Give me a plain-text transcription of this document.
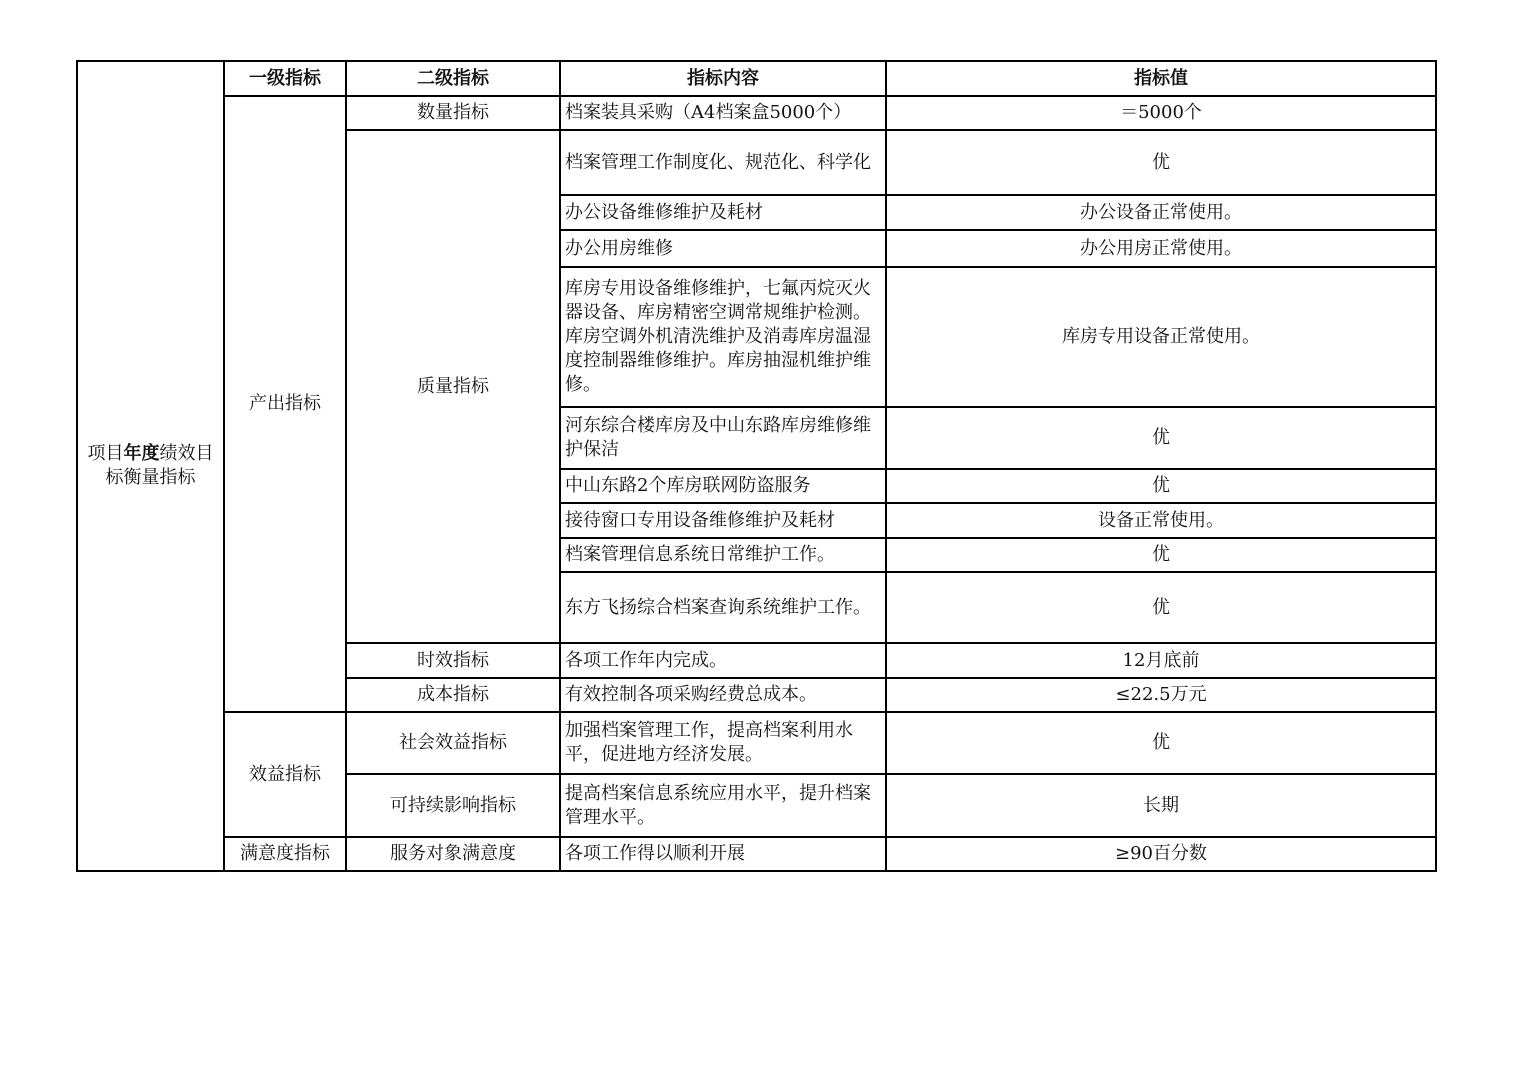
项目年度绩效目标衡量指标	一级指标	二级指标	指标内容	指标值
	产出指标	数量指标	档案装具采购（A4档案盒5000个）	＝5000个
		质量指标	档案管理工作制度化、规范化、科学化	优
			办公设备维修维护及耗材	办公设备正常使用。
			办公用房维修	办公用房正常使用。
			库房专用设备维修维护，七氟丙烷灭火器设备、库房精密空调常规维护检测。库房空调外机清洗维护及消毒库房温湿度控制器维修维护。库房抽湿机维护维修。	库房专用设备正常使用。
			河东综合楼库房及中山东路库房维修维护保洁	优
			中山东路2个库房联网防盗服务	优
			接待窗口专用设备维修维护及耗材	设备正常使用。
			档案管理信息系统日常维护工作。	优
			东方飞扬综合档案查询系统维护工作。	优
		时效指标	各项工作年内完成。	12月底前
		成本指标	有效控制各项采购经费总成本。	≤22.5万元
	效益指标	社会效益指标	加强档案管理工作，提高档案利用水平，促进地方经济发展。	优
		可持续影响指标	提高档案信息系统应用水平，提升档案管理水平。	长期
	满意度指标	服务对象满意度	各项工作得以顺利开展	≥90百分数
